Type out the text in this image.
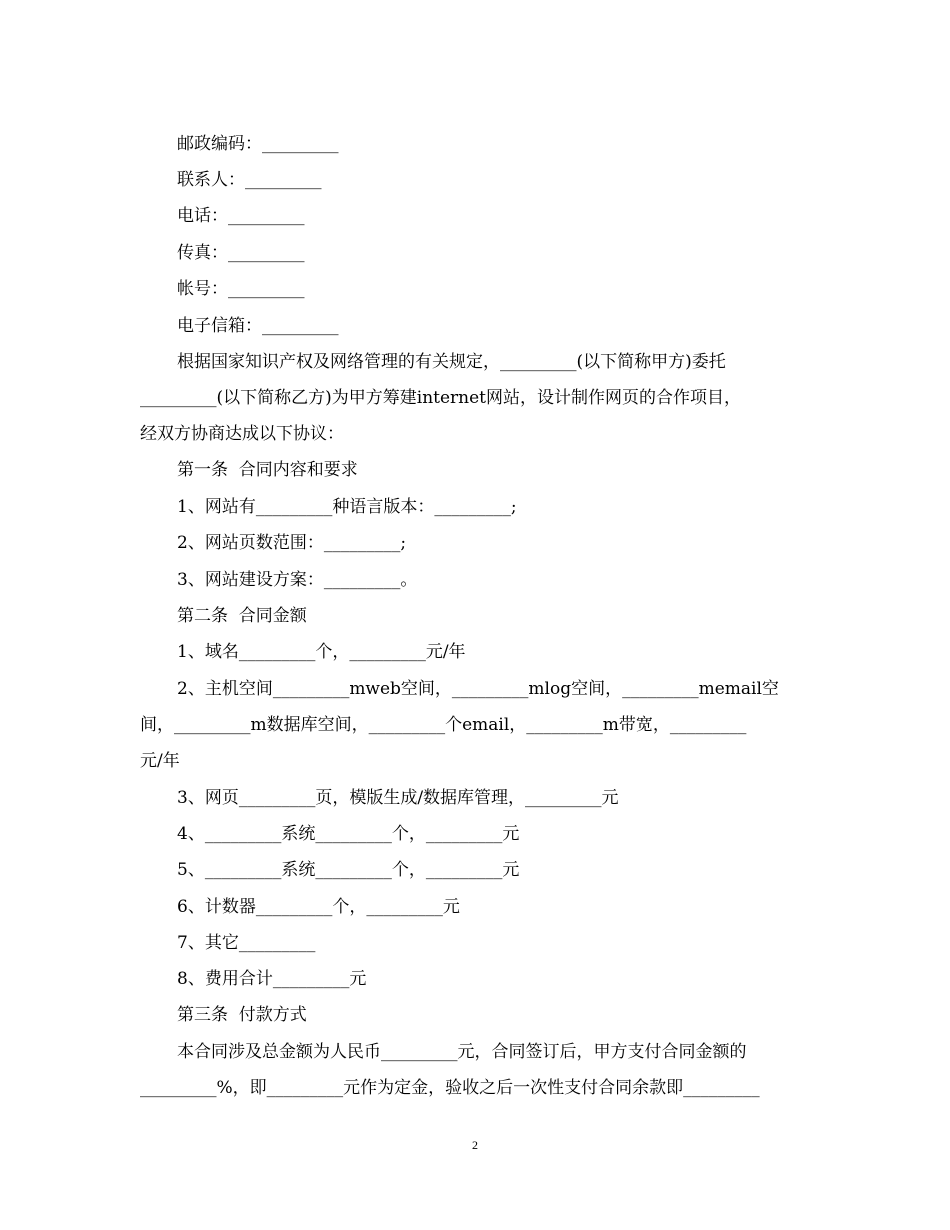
邮政编码：_________
联系人：_________
电话：_________
传真：_________
帐号：_________
电子信箱：_________
根据国家知识产权及网络管理的有关规定，_________(以下简称甲方)委托
_________(以下简称乙方)为甲方筹建internet网站，设计制作网页的合作项目，
经双方协商达成以下协议：
第一条  合同内容和要求
1、网站有_________种语言版本：_________;
2、网站页数范围：_________;
3、网站建设方案：_________。
第二条  合同金额
1、域名_________个，_________元/年
2、主机空间_________mweb空间，_________mlog空间，_________memail空
间，_________m数据库空间，_________个email，_________m带宽，_________
元/年
3、网页_________页，模版生成/数据库管理，_________元
4、_________系统_________个，_________元
5、_________系统_________个，_________元
6、计数器_________个，_________元
7、其它_________
8、费用合计_________元
第三条  付款方式
本合同涉及总金额为人民币_________元，合同签订后，甲方支付合同金额的
_________%，即_________元作为定金，验收之后一次性支付合同余款即_________
2
